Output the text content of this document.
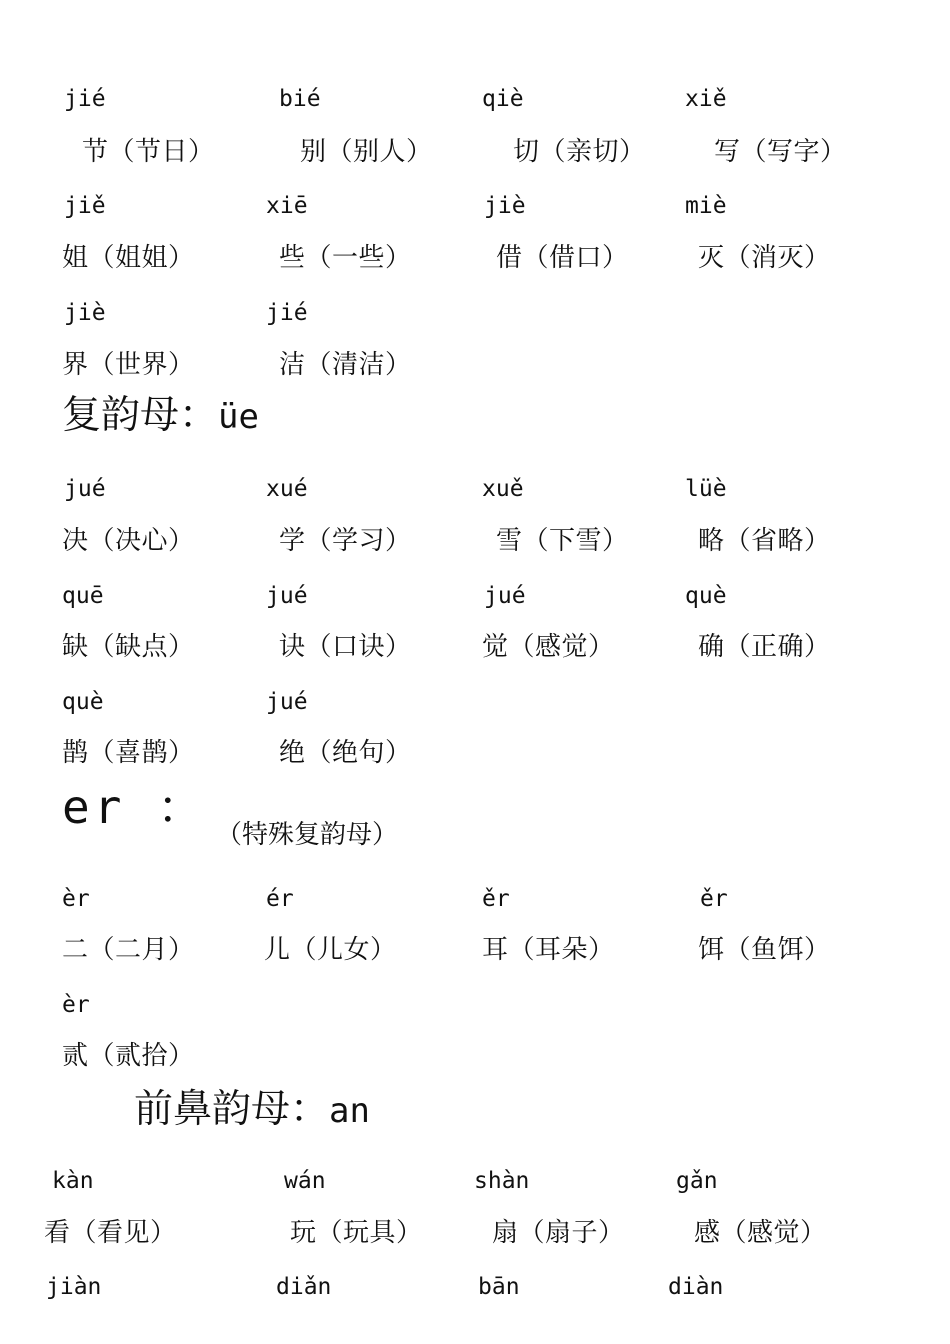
jié	bié	qiè	xiě
节（节日）	别（别人）	切（亲切）	写（写字）
jiě	xiē	jiè	miè
姐（姐姐）	些（一些）	借（借口）	灭（消灭）
jiè	jié
界（世界）	洁（清洁）
复韵母：üe
jué	xué	xuě	lüè
决（决心）	学（学习）	雪（下雪）	略（省略）
quē	jué	jué	què
缺（缺点）	诀（口诀）	觉（感觉）	确（正确）
què	jué
鹊（喜鹊）	绝（绝句）
er ：
（特殊复韵母）
èr	ér	ěr	ěr
二（二月）	儿（儿女）	耳（耳朵）	饵（鱼饵）
èr
贰（贰拾）
前鼻韵母：an
kàn	wán	shàn	gǎn
看（看见）	玩（玩具）	扇（扇子）	感（感觉）
jiàn	diǎn	bān	diàn
